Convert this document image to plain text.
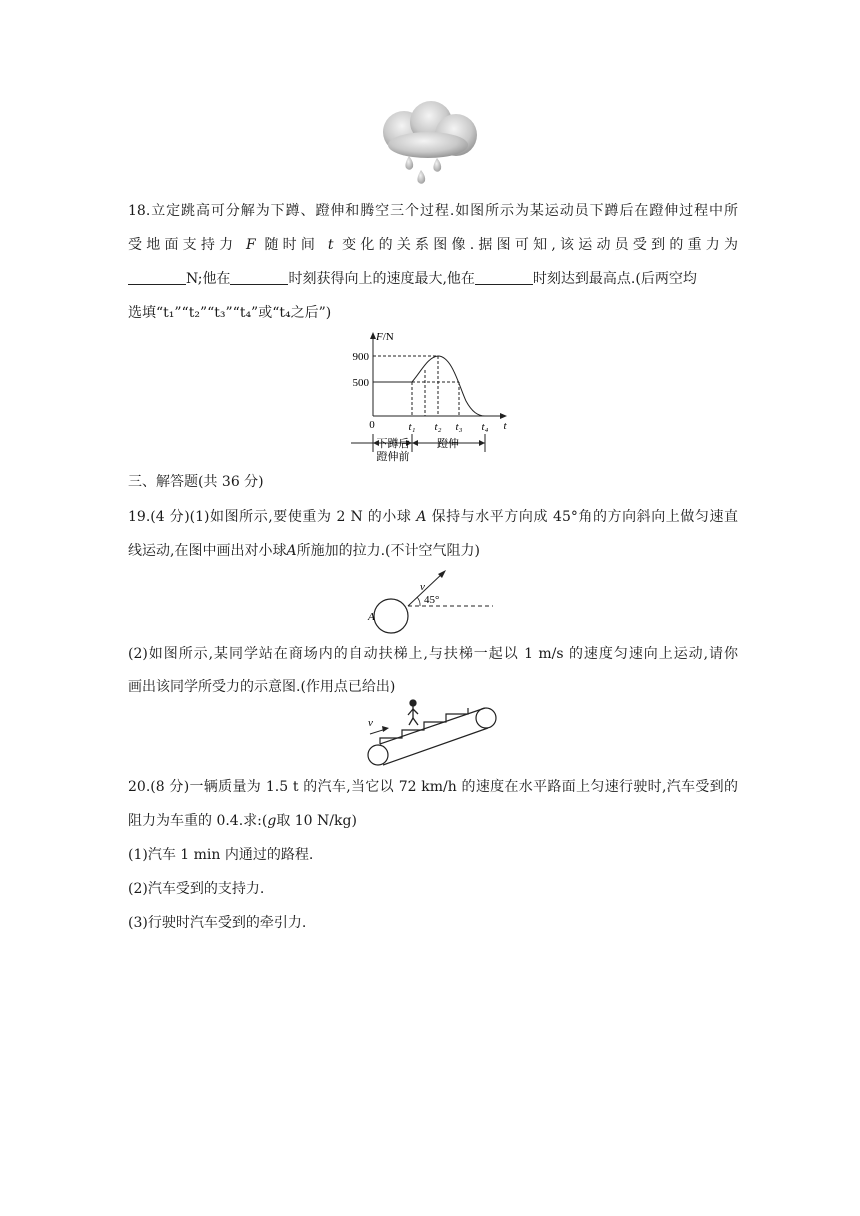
18.立定跳高可分解为下蹲、蹬伸和腾空三个过程.如图所示为某运动员下蹲后在蹬伸过程中所
受地面支持力 F 随时间 t 变化的关系图像.据图可知,该运动员受到的重力为
N;他在	时刻获得向上的速度最大,他在	时刻达到最高点.(后两空均
选填“t₁”“t₂”“t₃”“t₄”或“t₄之后”)
F/N
900
500
0	t₁ t₂ t₃ t₄ t
下蹲后
蹬伸前
蹬伸
三、解答题(共 36 分)
19.(4 分)(1)如图所示,要使重为 2 N 的小球 A 保持与水平方向成 45°角的方向斜向上做匀速直
线运动,在图中画出对小球A所施加的拉力.(不计空气阻力)
v
45°
A
(2)如图所示,某同学站在商场内的自动扶梯上,与扶梯一起以 1 m/s 的速度匀速向上运动,请你
画出该同学所受力的示意图.(作用点已给出)
v
20.(8 分)一辆质量为 1.5 t 的汽车,当它以 72 km/h 的速度在水平路面上匀速行驶时,汽车受到的
阻力为车重的 0.4.求:(g取 10 N/kg)
(1)汽车 1 min 内通过的路程.
(2)汽车受到的支持力.
(3)行驶时汽车受到的牵引力.
